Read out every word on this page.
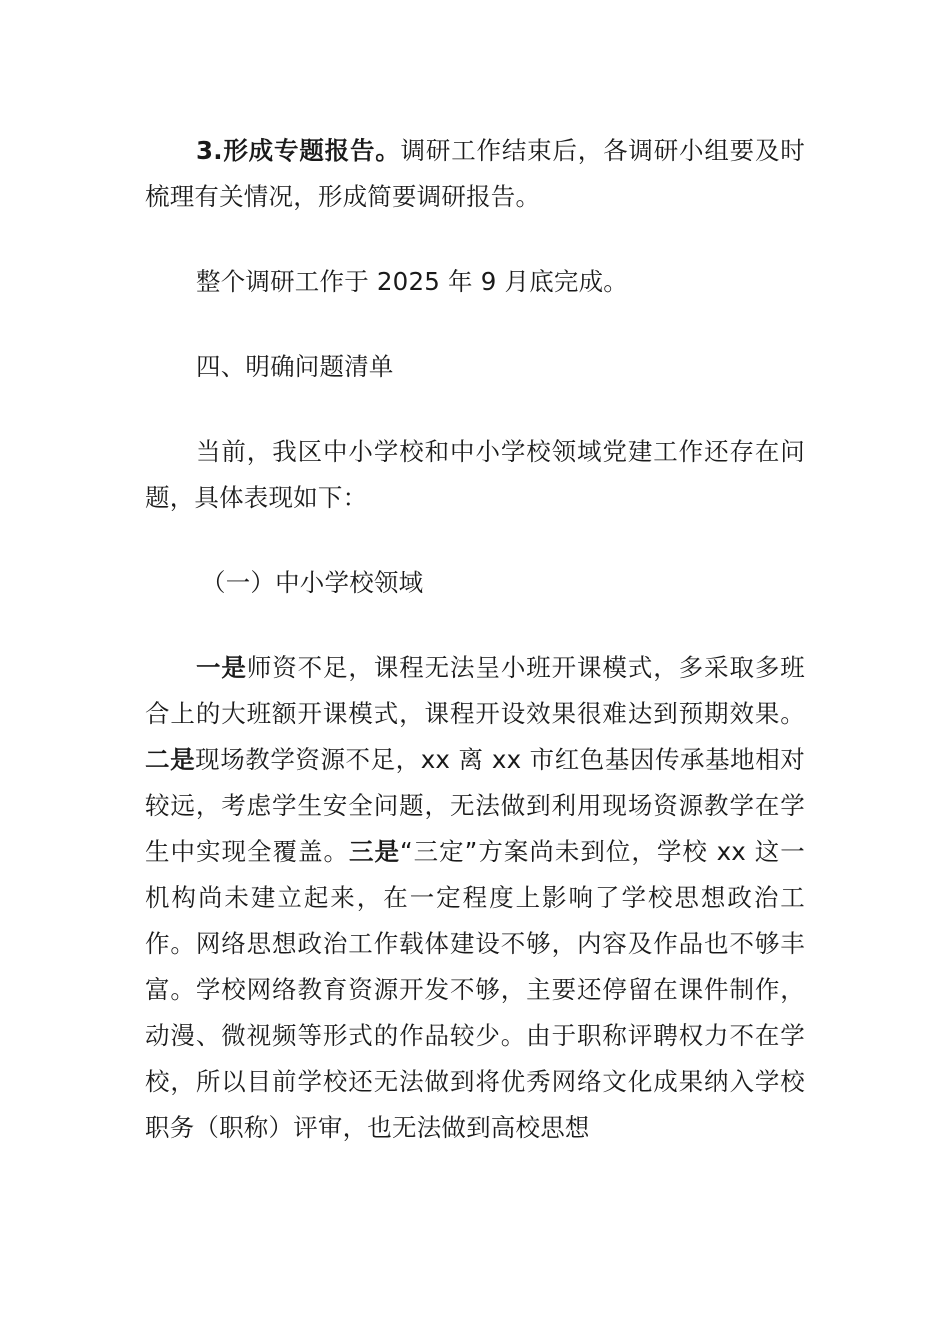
3.形成专题报告。调研工作结束后，各调研小组要及时梳理有关情况，形成简要调研报告。

整个调研工作于 2025 年 9 月底完成。

四、明确问题清单

当前，我区中小学校和中小学校领域党建工作还存在问题，具体表现如下：

（一）中小学校领域

一是师资不足，课程无法呈小班开课模式，多采取多班合上的大班额开课模式，课程开设效果很难达到预期效果。二是现场教学资源不足，xx 离 xx 市红色基因传承基地相对较远，考虑学生安全问题，无法做到利用现场资源教学在学生中实现全覆盖。三是“三定”方案尚未到位，学校 xx 这一机构尚未建立起来，在一定程度上影响了学校思想政治工作。网络思想政治工作载体建设不够，内容及作品也不够丰富。学校网络教育资源开发不够，主要还停留在课件制作，动漫、微视频等形式的作品较少。由于职称评聘权力不在学校，所以目前学校还无法做到将优秀网络文化成果纳入学校职务（职称）评审，也无法做到高校思想
